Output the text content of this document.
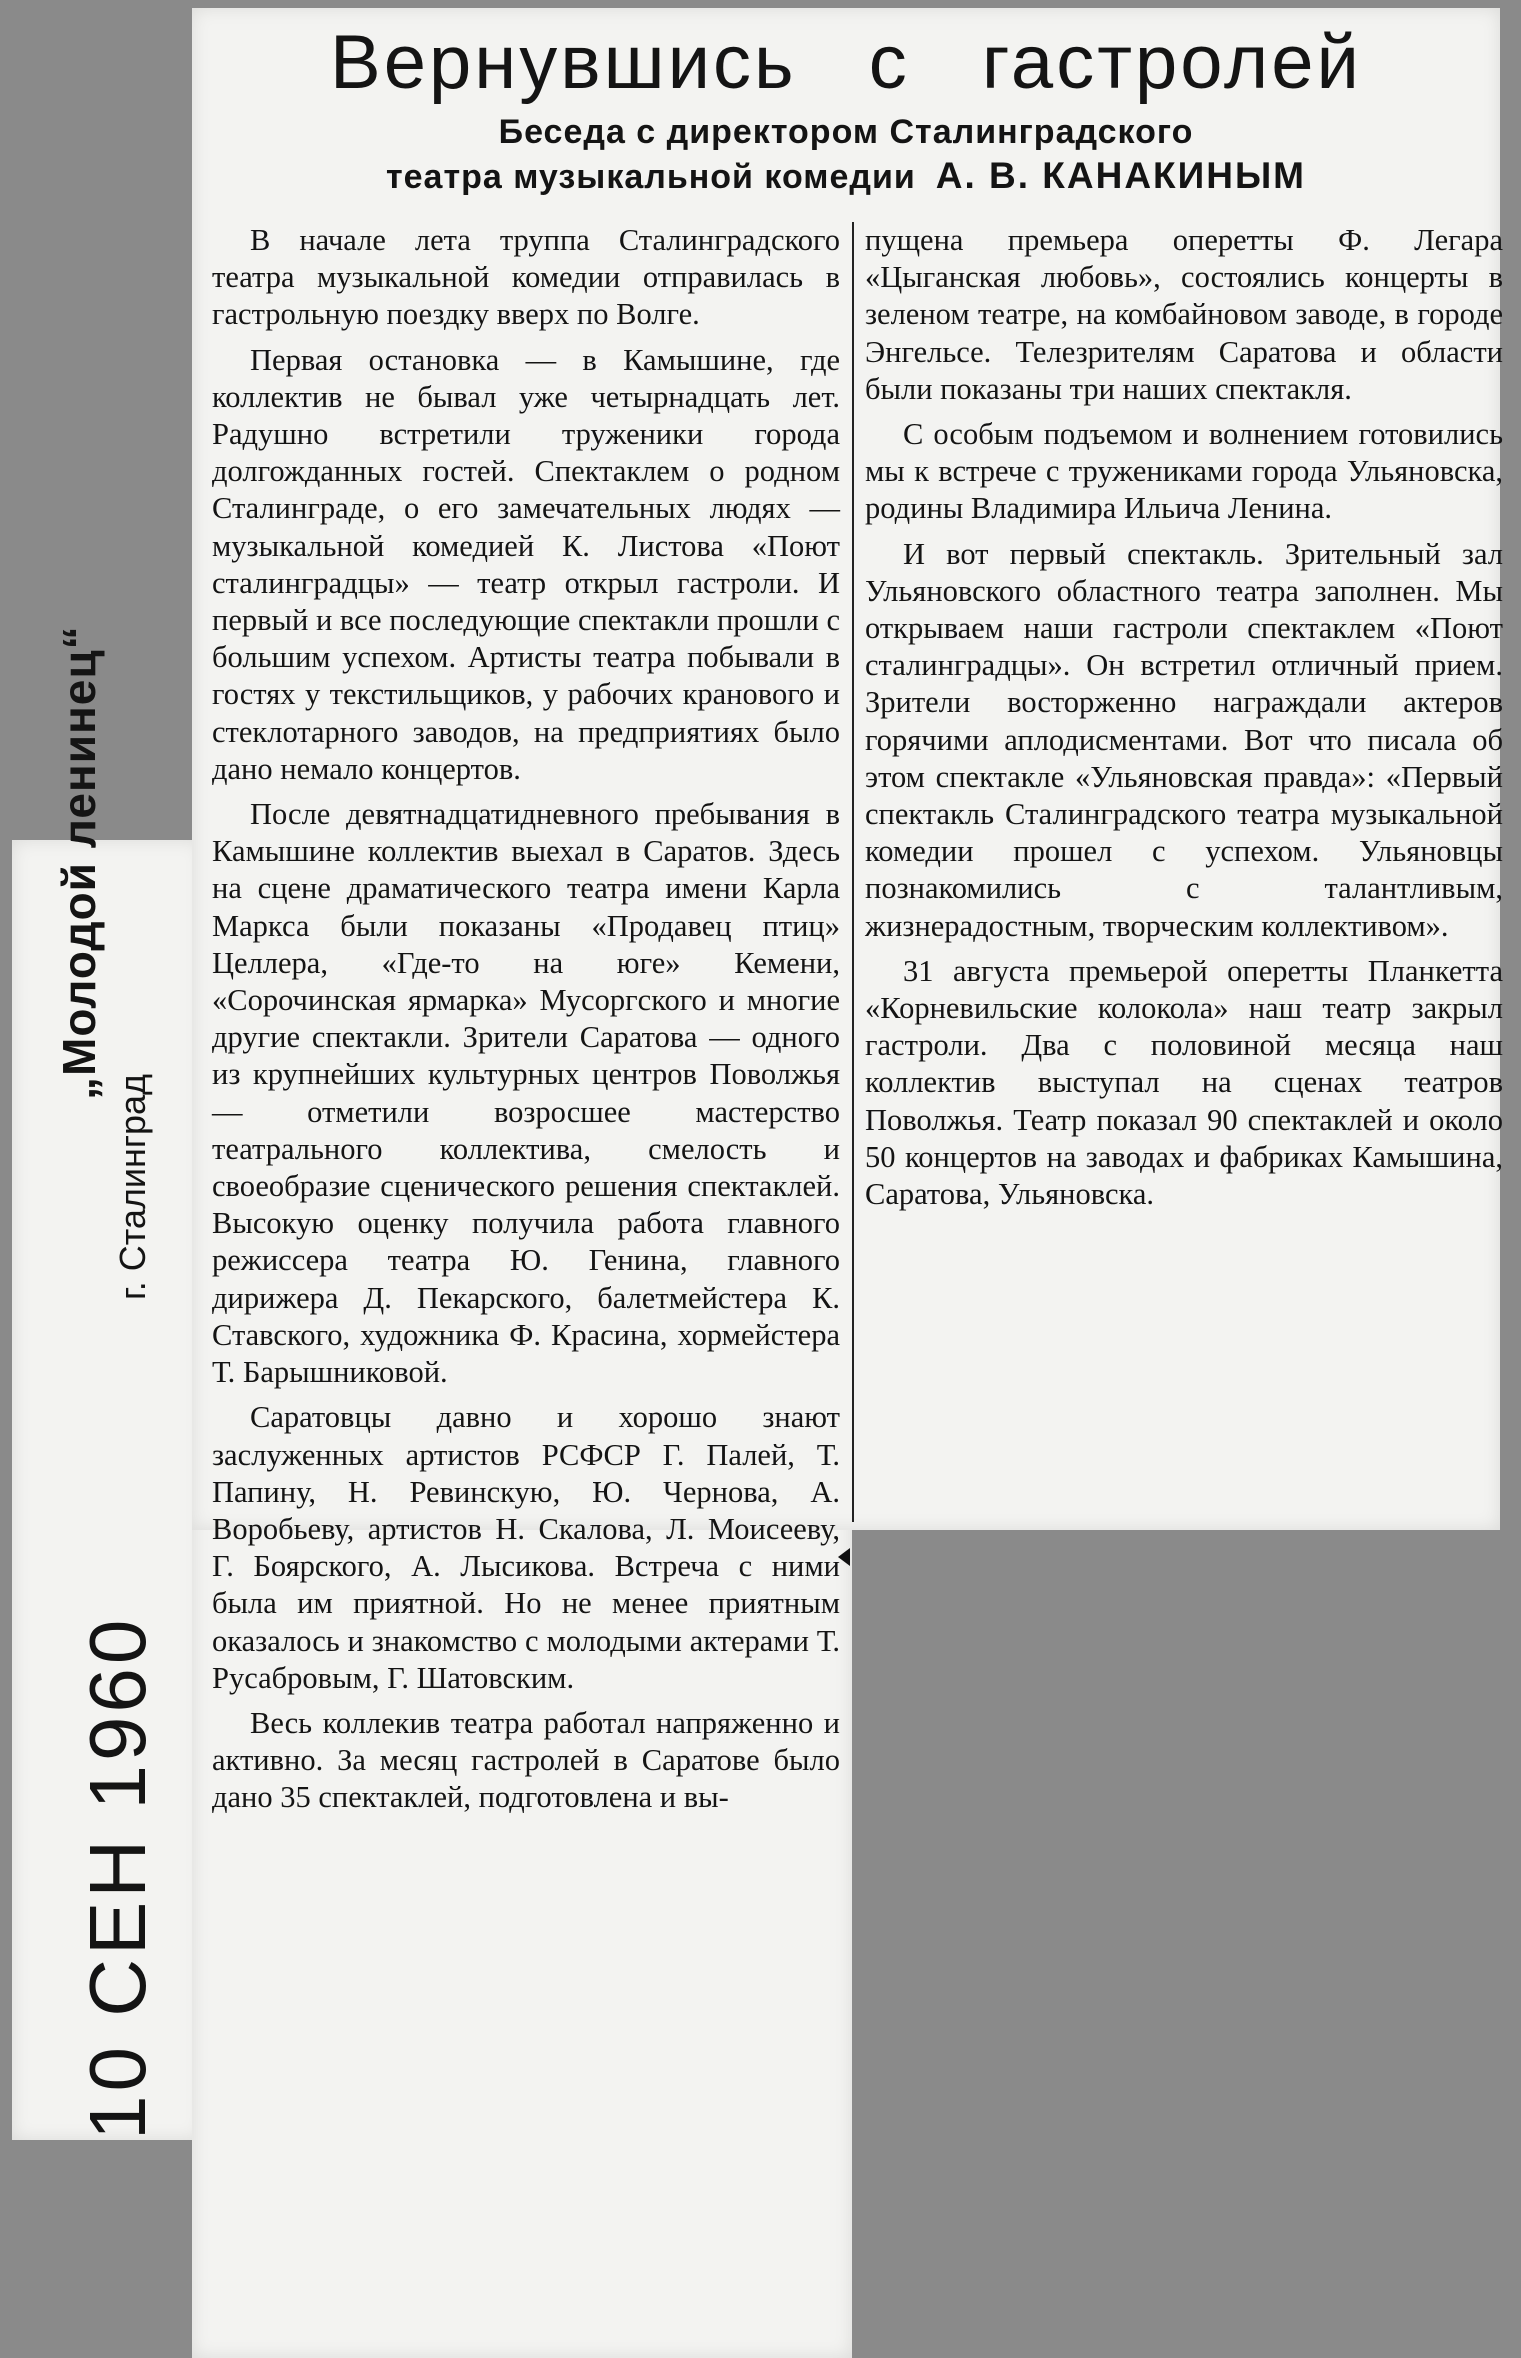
Вернувшись с гастролей
Беседа с директором Сталинградского
театра музыкальной комедии А. В. КАНАКИНЫМ

В начале лета труппа Сталинградского театра музыкальной комедии отправилась в гастрольную поездку вверх по Волге.

Первая остановка — в Камышине, где коллектив не бывал уже четырнадцать лет. Радушно встретили труженики города долгожданных гостей. Спектаклем о родном Сталинграде, о его замечательных людях — музыкальной комедией К. Листова «Поют сталинградцы» — театр открыл гастроли. И первый и все последующие спектакли прошли с большим успехом. Артисты театра побывали в гостях у текстильщиков, у рабочих кранового и стеклотарного заводов, на предприятиях было дано немало концертов.

После девятнадцатидневного пребывания в Камышине коллектив выехал в Саратов. Здесь на сцене драматического театра имени Карла Маркса были показаны «Продавец птиц» Целлера, «Где-то на юге» Кемени, «Сорочинская ярмарка» Мусоргского и многие другие спектакли. Зрители Саратова — одного из крупнейших культурных центров Поволжья — отметили возросшее мастерство театрального коллектива, смелость и своеобразие сценического решения спектаклей. Высокую оценку получила работа главного режиссера театра Ю. Генина, главного дирижера Д. Пекарского, балетмейстера К. Ставского, художника Ф. Красина, хормейстера Т. Барышниковой.

Саратовцы давно и хорошо знают заслуженных артистов РСФСР Г. Палей, Т. Папину, Н. Ревинскую, Ю. Чернова, А. Воробьеву, артистов Н. Скалова, Л. Моисееву, Г. Боярского, А. Лысикова. Встреча с ними была им приятной. Но не менее приятным оказалось и знакомство с молодыми актерами Т. Русабровым, Г. Шатовским.

Весь коллекив театра работал напряженно и активно. За месяц гастролей в Саратове было дано 35 спектаклей, подготовлена и вы-

пущена премьера оперетты Ф. Легара «Цыганская любовь», состоялись концерты в зеленом театре, на комбайновом заводе, в городе Энгельсе. Телезрителям Саратова и области были показаны три наших спектакля.

С особым подъемом и волнением готовились мы к встрече с тружениками города Ульяновска, родины Владимира Ильича Ленина.

И вот первый спектакль. Зрительный зал Ульяновского областного театра заполнен. Мы открываем наши гастроли спектаклем «Поют сталинградцы». Он встретил отличный прием. Зрители восторженно награждали актеров горячими аплодисментами. Вот что писала об этом спектакле «Ульяновская правда»: «Первый спектакль Сталинградского театра музыкальной комедии прошел с успехом. Ульяновцы познакомились с талантливым, жизнерадостным, творческим коллективом».

31 августа премьерой оперетты Планкетта «Корневильские колокола» наш театр закрыл гастроли. Два с половиной месяца наш коллектив выступал на сценах театров Поволжья. Театр показал 90 спектаклей и около 50 концертов на заводах и фабриках Камышина, Саратова, Ульяновска.

„Молодой ленинец“
г. Сталинград
10 СЕН 1960
